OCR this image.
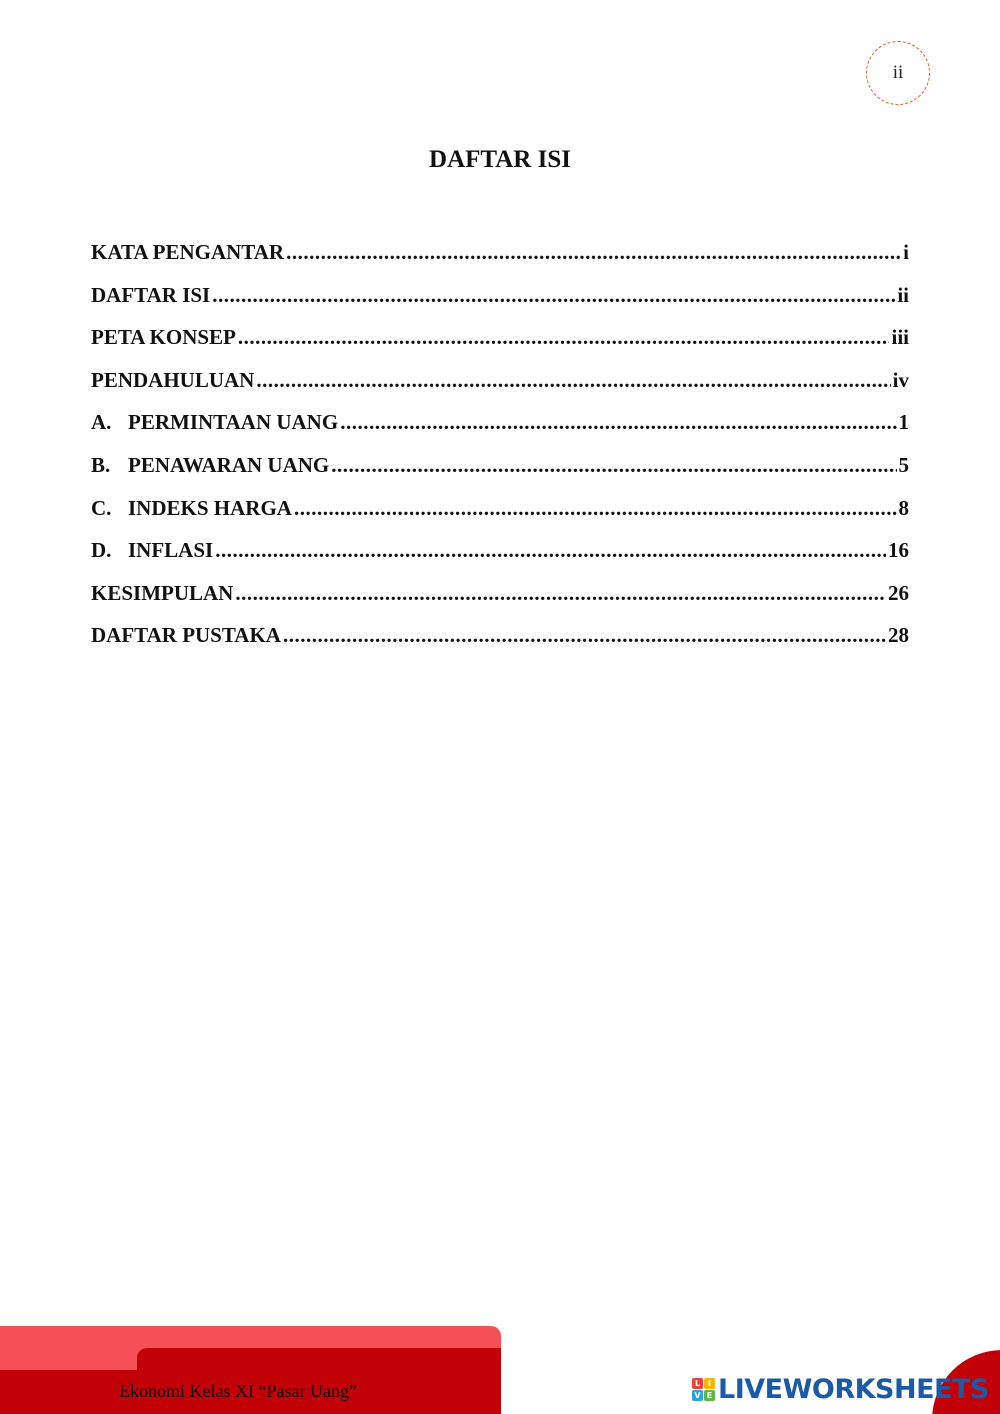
ii
DAFTAR ISI
KATA PENGANTAR .....	i
DAFTAR ISI .....	ii
PETA KONSEP .....	iii
PENDAHULUAN .....	iv
A. PERMINTAAN UANG .....	1
B. PENAWARAN UANG .....	5
C. INDEKS HARGA .....	8
D. INFLASI .....	16
KESIMPULAN .....	26
DAFTAR PUSTAKA .....	28
Ekonomi Kelas XI “Pasar Uang”	L I
V E LIVEWORKSHEETS
